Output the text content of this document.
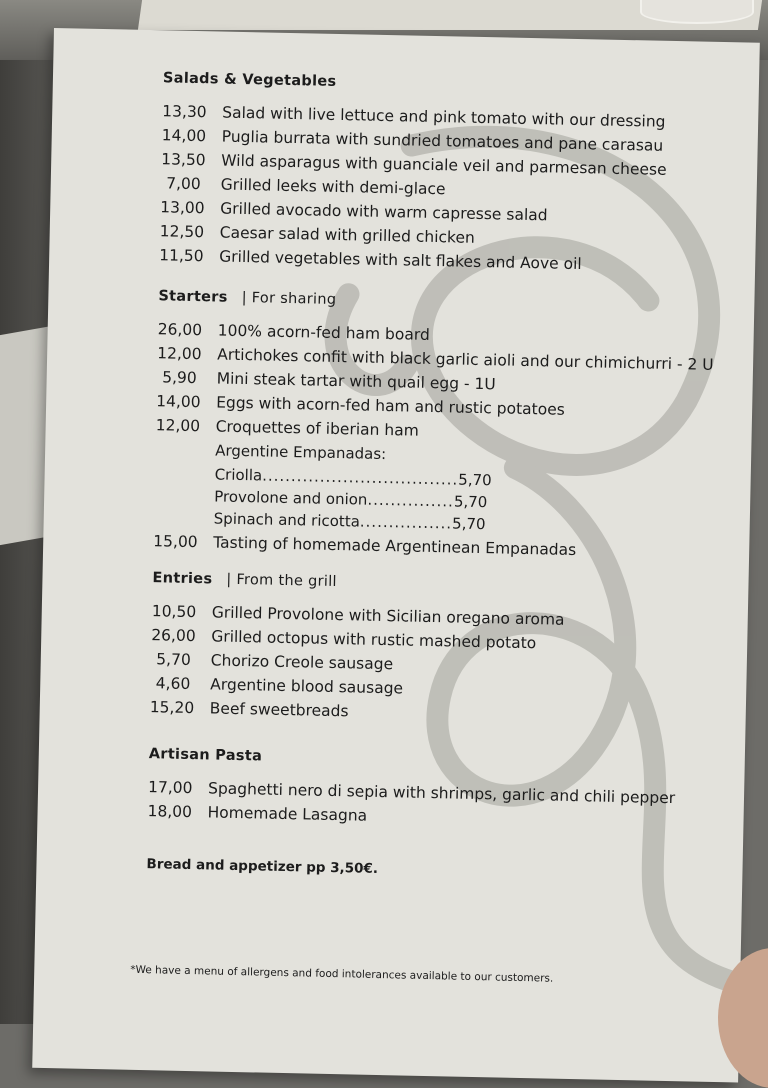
Salads & Vegetables
13,30 Salad with live lettuce and pink tomato with our dressing
14,00 Puglia burrata with sundried tomatoes and pane carasau
13,50 Wild asparagus with guanciale veil and parmesan cheese
7,00 Grilled leeks with demi-glace
13,00 Grilled avocado with warm capresse salad
12,50 Caesar salad with grilled chicken
11,50 Grilled vegetables with salt flakes and Aove oil
Starters | For sharing
26,00 100% acorn-fed ham board
12,00 Artichokes confit with black garlic aioli and our chimichurri - 2 U
5,90 Mini steak tartar with quail egg - 1U
14,00 Eggs with acorn-fed ham and rustic potatoes
12,00 Croquettes of iberian ham
Argentine Empanadas:
Criolla..................................5,70
Provolone and onion...............5,70
Spinach and ricotta................5,70
15,00 Tasting of homemade Argentinean Empanadas
Entries | From the grill
10,50 Grilled Provolone with Sicilian oregano aroma
26,00 Grilled octopus with rustic mashed potato
5,70 Chorizo Creole sausage
4,60 Argentine blood sausage
15,20 Beef sweetbreads
Artisan Pasta
17,00 Spaghetti nero di sepia with shrimps, garlic and chili pepper
18,00 Homemade Lasagna
Bread and appetizer pp 3,50€.
*We have a menu of allergens and food intolerances available to our customers.
